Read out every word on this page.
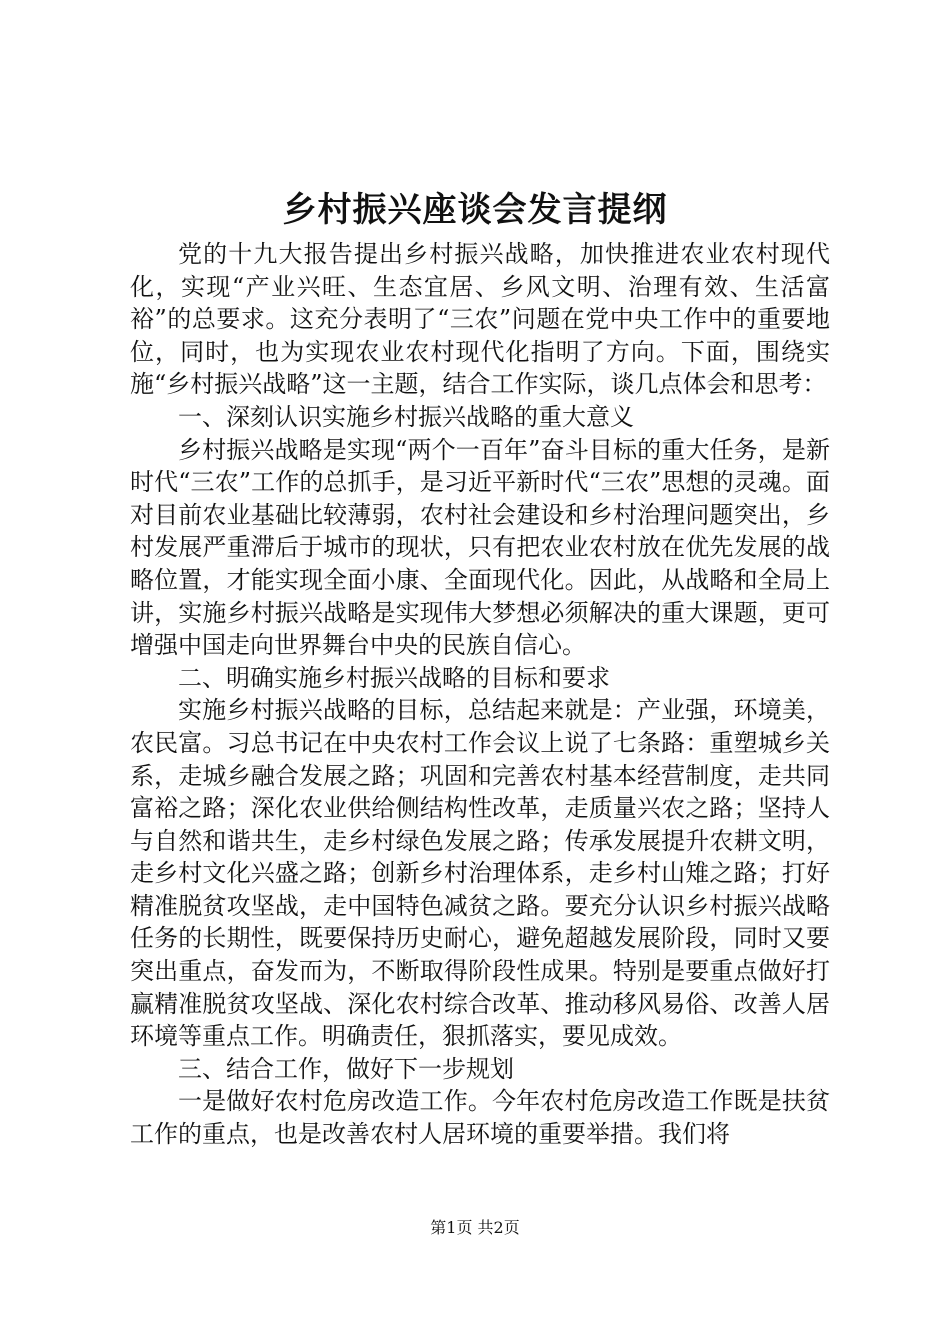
乡村振兴座谈会发言提纲

党的十九大报告提出乡村振兴战略，加快推进农业农村现代化，实现“产业兴旺、生态宜居、乡风文明、治理有效、生活富裕”的总要求。这充分表明了“三农”问题在党中央工作中的重要地位，同时，也为实现农业农村现代化指明了方向。下面，围绕实施“乡村振兴战略”这一主题，结合工作实际，谈几点体会和思考：

一、深刻认识实施乡村振兴战略的重大意义

乡村振兴战略是实现“两个一百年”奋斗目标的重大任务，是新时代“三农”工作的总抓手，是习近平新时代“三农”思想的灵魂。面对目前农业基础比较薄弱，农村社会建设和乡村治理问题突出，乡村发展严重滞后于城市的现状，只有把农业农村放在优先发展的战略位置，才能实现全面小康、全面现代化。因此，从战略和全局上讲，实施乡村振兴战略是实现伟大梦想必须解决的重大课题，更可增强中国走向世界舞台中央的民族自信心。

二、明确实施乡村振兴战略的目标和要求

实施乡村振兴战略的目标，总结起来就是：产业强，环境美，农民富。习总书记在中央农村工作会议上说了七条路：重塑城乡关系，走城乡融合发展之路；巩固和完善农村基本经营制度，走共同富裕之路；深化农业供给侧结构性改革，走质量兴农之路；坚持人与自然和谐共生，走乡村绿色发展之路；传承发展提升农耕文明，走乡村文化兴盛之路；创新乡村治理体系，走乡村山雉之路；打好精准脱贫攻坚战，走中国特色减贫之路。要充分认识乡村振兴战略任务的长期性，既要保持历史耐心，避免超越发展阶段，同时又要突出重点，奋发而为，不断取得阶段性成果。特别是要重点做好打赢精准脱贫攻坚战、深化农村综合改革、推动移风易俗、改善人居环境等重点工作。明确责任，狠抓落实，要见成效。

三、结合工作，做好下一步规划

一是做好农村危房改造工作。今年农村危房改造工作既是扶贫工作的重点，也是改善农村人居环境的重要举措。我们将

第1页 共2页
